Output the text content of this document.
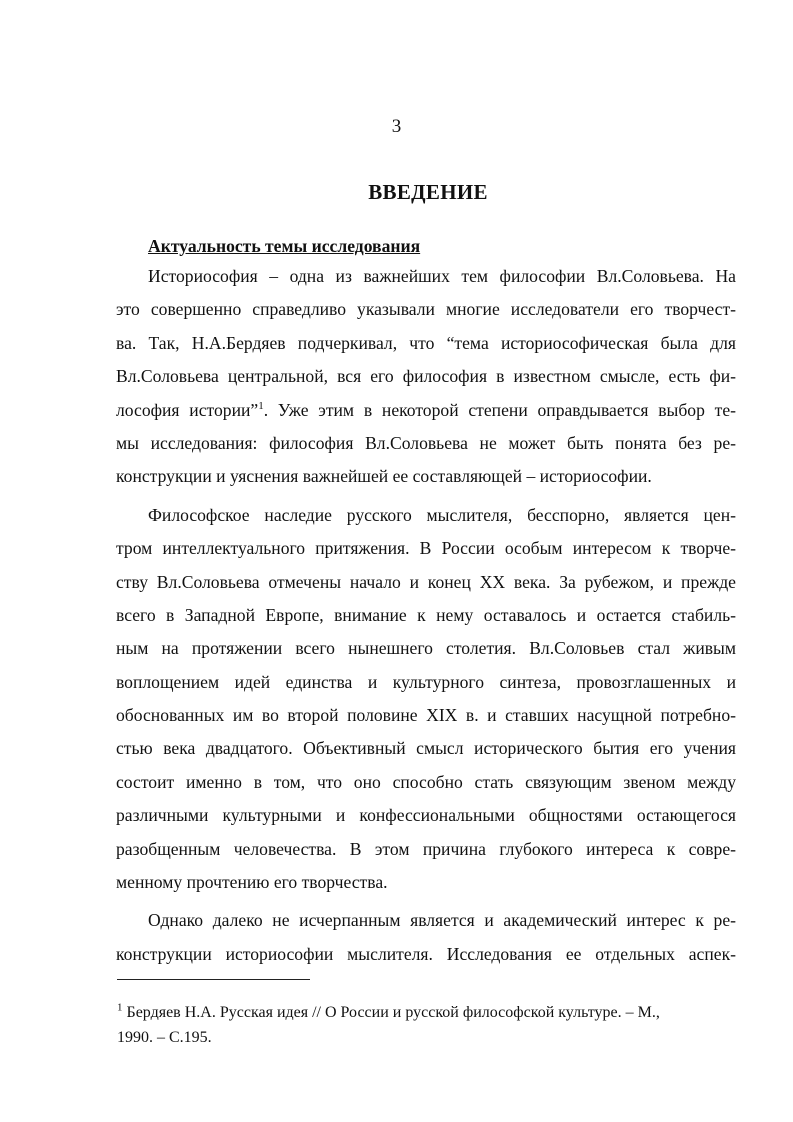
3
ВВЕДЕНИЕ
Актуальность темы исследования
Историософия – одна из важнейших тем философии Вл.Соловьева. На
это совершенно справедливо указывали многие исследователи его творчест-
ва. Так, Н.А.Бердяев подчеркивал, что “тема историософическая была для
Вл.Соловьева центральной, вся его философия в известном смысле, есть фи-
лософия истории”$^1$. Уже этим в некоторой степени оправдывается выбор те-
мы исследования: философия Вл.Соловьева не может быть понята без ре-
конструкции и уяснения важнейшей ее составляющей – историософии.
Философское наследие русского мыслителя, бесспорно, является цен-
тром интеллектуального притяжения. В России особым интересом к творче-
ству Вл.Соловьева отмечены начало и конец XX века. За рубежом, и прежде
всего в Западной Европе, внимание к нему оставалось и остается стабиль-
ным на протяжении всего нынешнего столетия. Вл.Соловьев стал живым
воплощением идей единства и культурного синтеза, провозглашенных и
обоснованных им во второй половине XIX в. и ставших насущной потребно-
стью века двадцатого. Объективный смысл исторического бытия его учения
состоит именно в том, что оно способно стать связующим звеном между
различными культурными и конфессиональными общностями остающегося
разобщенным человечества. В этом причина глубокого интереса к совре-
менному прочтению его творчества.
Однако далеко не исчерпанным является и академический интерес к ре-
конструкции историософии мыслителя. Исследования ее отдельных аспек-
$^1$ Бердяев Н.А. Русская идея // О России и русской философской культуре. – М.,
1990. – С.195.
